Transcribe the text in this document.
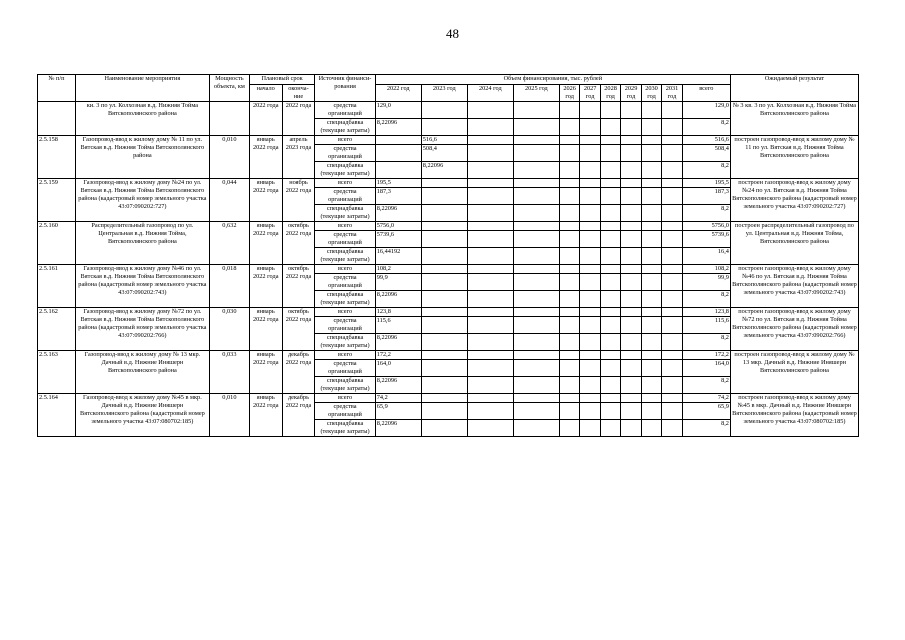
48
№ п/п	Наименование мероприятия	Мощность объекта, км	Плановый срок		Источник финанси-рования	Объем финансирования, тыс. рублей											Ожидаемый результат
			начало	оконча-ние		2022 год	2023 год	2024 год	2025 год	2026 год	2027 год	2028 год	2029 год	2030 год	2031 год	всего	

	ки. 3 по ул. Колхозная в.д. Нижняя Тойма Вятскополянского района		2022 года	2022 года	средства организаций	129,0										129,0	№ 3 кв. 3 по ул. Колхозная в.д. Нижняя Тойма Вятскополянского района
					спецнадбавка (текущие затраты)	8,22096										8,2	
2.5.158	Газопровод-ввод к жилому дому № 11 по ул. Вятская в.д. Нижняя Тойма Вятскополянского района	0,010	январь 2022 года	апрель 2023 года	всего		516,6									516,6	построен газопровод-ввод к жилому дому № 11 по ул. Вятская в.д. Нижняя Тойма Вятскополянского района
					средства организаций		508,4									508,4	
					спецнадбавка (текущие затраты)		8,22096									8,2	
2.5.159	Газопровод-ввод к жилому дому №24 по ул. Вятская в.д. Нижняя Тойма Вятскополянского района (кадастровый номер земельного участка 43:07:090202:727)	0,044	январь 2022 года	ноябрь 2022 года	всего	195,5										195,5	построен газопровод-ввод к жилому дому №24 по ул. Вятская в.д. Нижняя Тойма Вятскополянского района (кадастровый номер земельного участка 43:07:090202:727)
					средства организаций	187,3										187,3	
					спецнадбавка (текущие затраты)	8,22096										8,2	
2.5.160	Распределительный газопровод по ул. Центральная в.д. Нижняя Тойма, Вятскополянского района	0,632	январь 2022 года	октябрь 2022 года	всего	5756,0										5756,0	построен распределительный газопровод по ул. Центральная в.д. Нижняя Тойма, Вятскополянского района
					средства организаций	5739,6										5739,6	
					спецнадбавка (текущие затраты)	16,44192										16,4	
2.5.161	Газопровод-ввод к жилому дому №46 по ул. Вятская в.д. Нижняя Тойма Вятскополянского района (кадастровый номер земельного участка 43:07:090202:743)	0,018	январь 2022 года	октябрь 2022 года	всего	108,2										108,2	построен газопровод-ввод к жилому дому №46 по ул. Вятская в.д. Нижняя Тойма Вятскополянского района (кадастровый номер земельного участка 43:07:090202:743)
					средства организаций	99,9										99,9	
					спецнадбавка (текущие затраты)	8,22096										8,2	
2.5.162	Газопровод-ввод к жилому дому №72 по ул. Вятская в.д. Нижняя Тойма Вятскополянского района (кадастровый номер земельного участка 43:07:090202:766)	0,030	январь 2022 года	октябрь 2022 года	всего	123,8										123,8	построен газопровод-ввод к жилому дому №72 по ул. Вятская в.д. Нижняя Тойма Вятскополянского района (кадастровый номер земельного участка 43:07:090202:766)
					средства организаций	115,6										115,6	
					спецнадбавка (текущие затраты)	8,22096										8,2	
2.5.163	Газопровод-ввод к жилому дому № 13 мкр. Дачный в.д. Нижние Иняшерн Вятскополянского района	0,033	январь 2022 года	декабрь 2022 года	всего	172,2										172,2	построен газопровод-ввод к жилому дому № 13 мкр. Дачный в.д. Нижние Иняшерн Вятскополянского района
					средства организаций	164,0										164,0	
					спецнадбавка (текущие затраты)	8,22096										8,2	
2.5.164	Газопровод-ввод к жилому дому №45 в мкр. Дачный в.д. Нижние Иняшерн Вятскополянского района (кадастровый номер земельного участка 43:07:080702:185)	0,010	январь 2022 года	декабрь 2022 года	всего	74,2										74,2	построен газопровод-ввод к жилому дому №45 в мкр. Дачный в.д. Нижние Иняшерн Вятскополянского района (кадастровый номер земельного участка 43:07:080702:185)
					средства организаций	65,9										65,9	
					спецнадбавка (текущие затраты)	8,22096										8,2	
